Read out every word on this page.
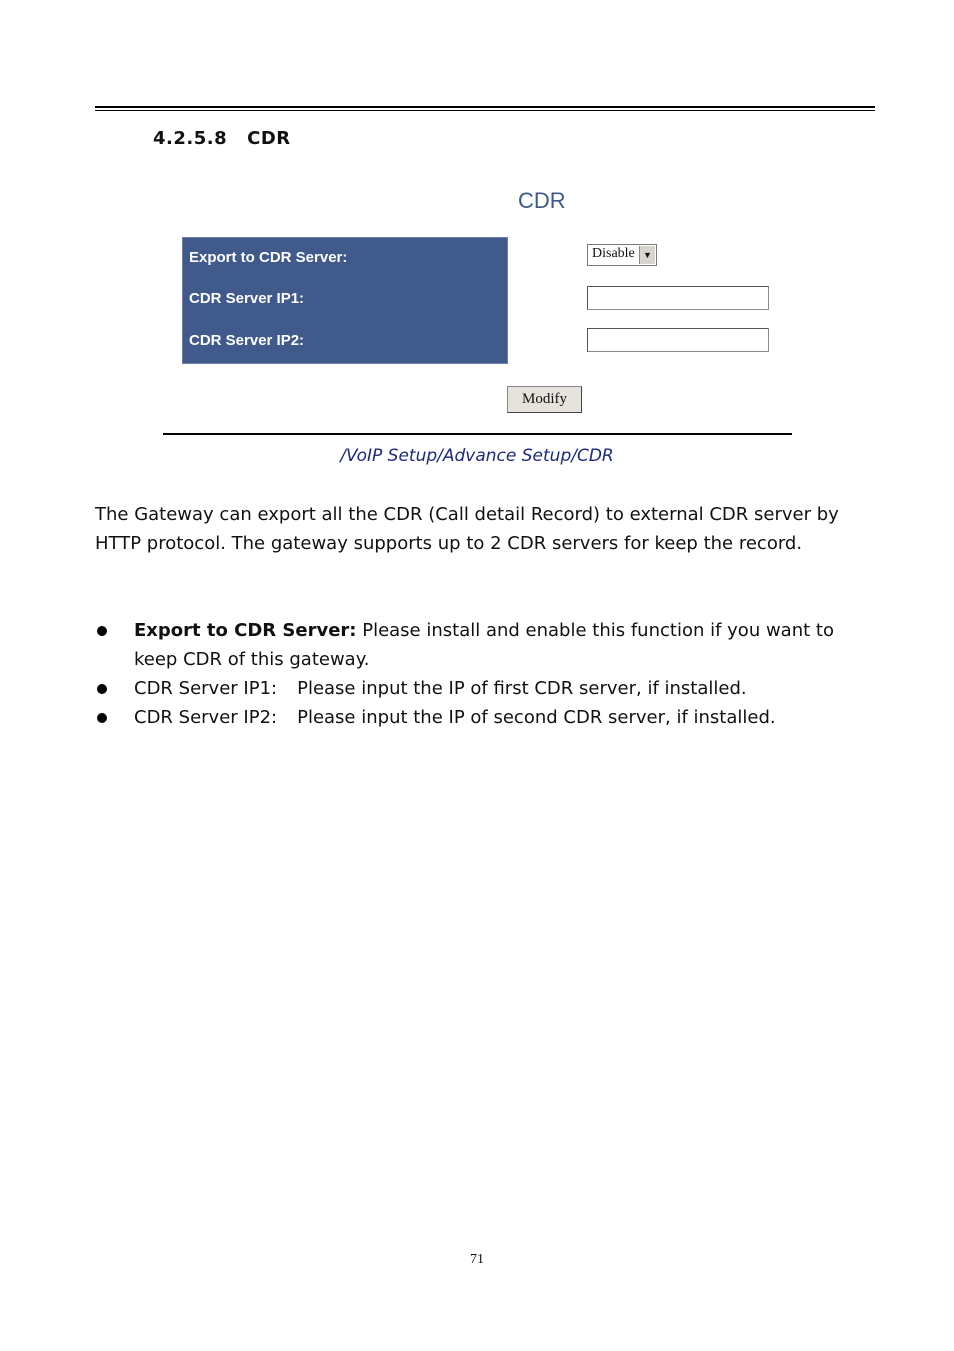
4.2.5.8 CDR
CDR
Export to CDR Server:
CDR Server IP1:
CDR Server IP2:
Disable ▼
Modify
/VoIP Setup/Advance Setup/CDR
The Gateway can export all the CDR (Call detail Record) to external CDR server by HTTP protocol. The gateway supports up to 2 CDR servers for keep the record.
Export to CDR Server: Please install and enable this function if you want to keep CDR of this gateway.
CDR Server IP1: Please input the IP of first CDR server, if installed.
CDR Server IP2: Please input the IP of second CDR server, if installed.
71
